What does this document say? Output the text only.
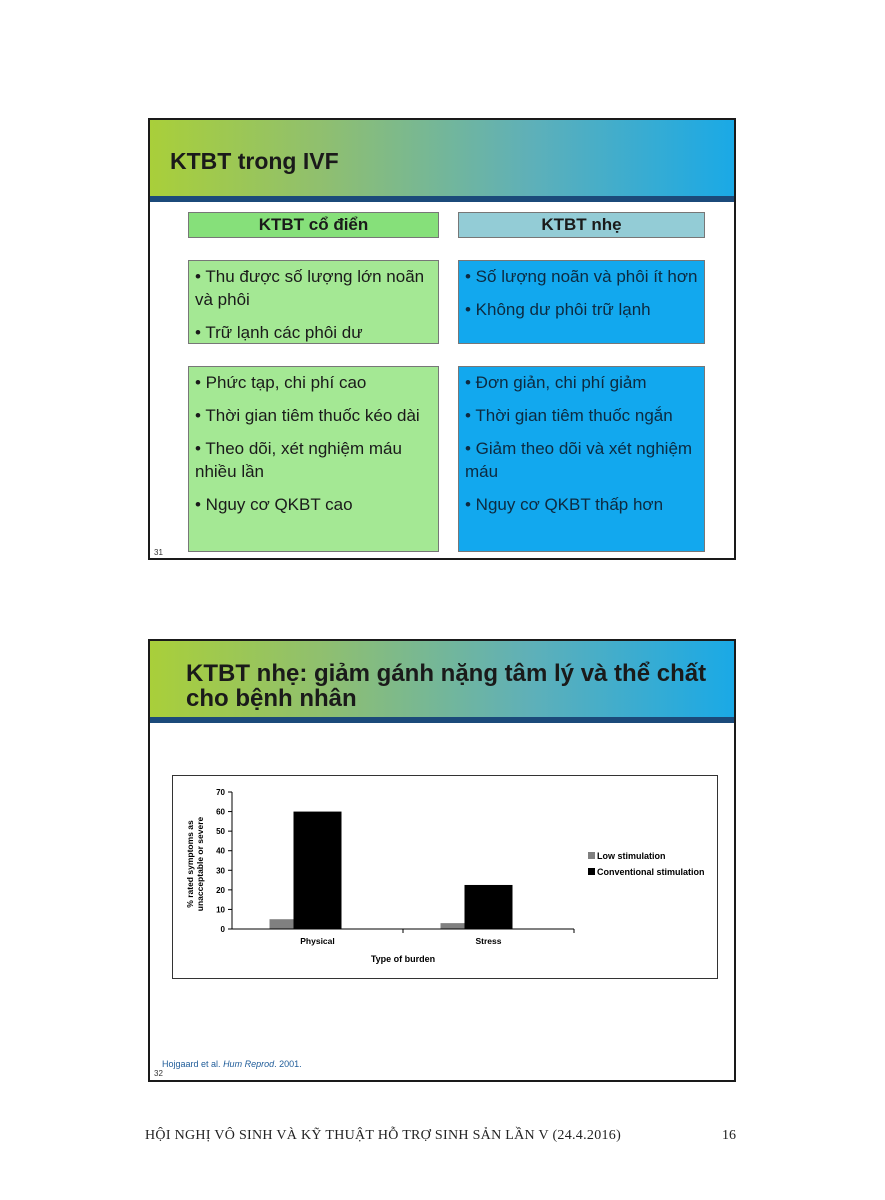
KTBT trong IVF
KTBT cổ điển	KTBT nhẹ

• Thu được số lượng lớn noãn và phôi

• Trữ lạnh các phôi dư

• Số lượng noãn và phôi ít hơn

• Không dư phôi trữ lạnh

• Phức tạp, chi phí cao

• Thời gian tiêm thuốc kéo dài

• Theo dõi, xét nghiệm máu nhiều lần

• Nguy cơ QKBT cao

• Đơn giản, chi phí giảm

• Thời gian tiêm thuốc ngắn

• Giảm theo dõi và xét nghiệm máu

• Nguy cơ QKBT thấp hơn

31
KTBT nhẹ: giảm gánh nặng tâm lý và thể chất cho bệnh nhân
0
10
20
30
40
50
60
70
Physical	Stress
Type of burden
% rated symptoms as unacceptable or severe	Low stimulation
Conventional stimulation
Hojgaard et al. Hum Reprod. 2001.
32
HỘI NGHỊ VÔ SINH VÀ KỸ THUẬT HỖ TRỢ SINH SẢN LẦN V (24.4.2016)	16
